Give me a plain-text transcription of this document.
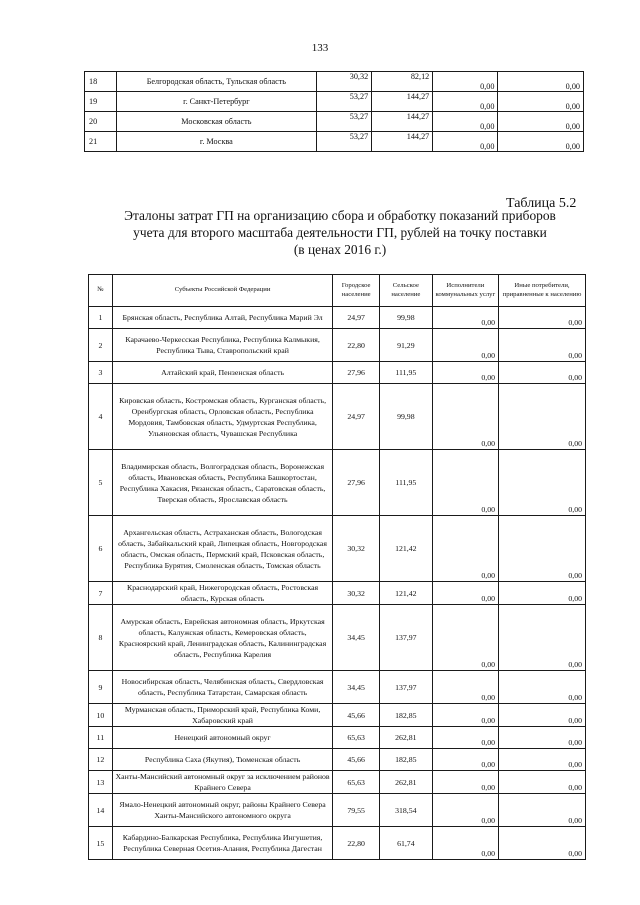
133
18	Белгородская область, Тульская область	30,32	82,12	0,00	0,00
19	г. Санкт-Петербург	53,27	144,27	0,00	0,00
20	Московская область	53,27	144,27	0,00	0,00
21	г. Москва	53,27	144,27	0,00	0,00
Таблица 5.2
Эталоны затрат ГП на организацию сбора и обработку показаний приборов
учета для второго масштаба деятельности ГП, рублей на точку поставки
(в ценах 2016 г.)
№	Субъекты Российской Федерации	Городское население	Сельское население	Исполнители коммунальных услуг	Иные потребители, приравненные к населению
1	Брянская область, Республика Алтай, Республика Марий Эл	24,97	99,98	0,00	0,00
2	Карачаево-Черкесская Республика, Республика Калмыкия, Республика Тыва, Ставропольский край	22,80	91,29	0,00	0,00
3	Алтайский край, Пензенская область	27,96	111,95	0,00	0,00
4	Кировская область, Костромская область, Курганская область, Оренбургская область, Орловская область, Республика Мордовия, Тамбовская область, Удмуртская Республика, Ульяновская область, Чувашская Республика	24,97	99,98	0,00	0,00
5	Владимирская область, Волгоградская область, Воронежская область, Ивановская область, Республика Башкортостан, Республика Хакасия, Рязанская область, Саратовская область, Тверская область, Ярославская область	27,96	111,95	0,00	0,00
6	Архангельская область, Астраханская область, Вологодская область, Забайкальский край, Липецкая область, Новгородская область, Омская область, Пермский край, Псковская область, Республика Бурятия, Смоленская область, Томская область	30,32	121,42	0,00	0,00
7	Краснодарский край, Нижегородская область, Ростовская область, Курская область	30,32	121,42	0,00	0,00
8	Амурская область, Еврейская автономная область, Иркутская область, Калужская область, Кемеровская область, Красноярский край, Ленинградская область, Калининградская область, Республика Карелия	34,45	137,97	0,00	0,00
9	Новосибирская область, Челябинская область, Свердловская область, Республика Татарстан, Самарская область	34,45	137,97	0,00	0,00
10	Мурманская область, Приморский край, Республика Коми, Хабаровский край	45,66	182,85	0,00	0,00
11	Ненецкий автономный округ	65,63	262,81	0,00	0,00
12	Республика Саха (Якутия), Тюменская область	45,66	182,85	0,00	0,00
13	Ханты-Мансийский автономный округ за исключением районов Крайнего Севера	65,63	262,81	0,00	0,00
14	Ямало-Ненецкий автономный округ, районы Крайнего Севера Ханты-Мансийского автономного округа	79,55	318,54	0,00	0,00
15	Кабардино-Балкарская Республика, Республика Ингушетия, Республика Северная Осетия-Алания, Республика Дагестан	22,80	61,74	0,00	0,00
